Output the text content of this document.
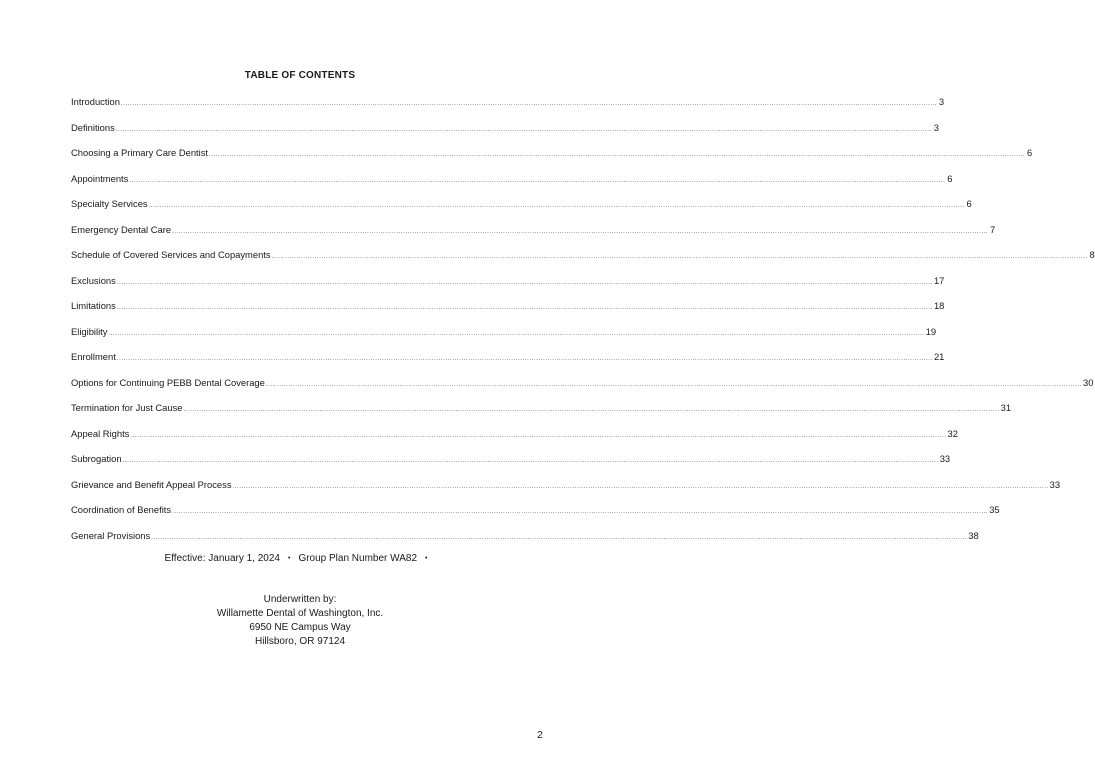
TABLE OF CONTENTS
Introduction ........................................................................................................................................................................................................................................................................................................................................................................ 3
Definitions ........................................................................................................................................................................................................................................................................................................................................................................ 3
Choosing a Primary Care Dentist ........................................................................................................................................................................................................................................................................................................................................................................ 6
Appointments ........................................................................................................................................................................................................................................................................................................................................................................ 6
Specialty Services ........................................................................................................................................................................................................................................................................................................................................................................ 6
Emergency Dental Care ........................................................................................................................................................................................................................................................................................................................................................................ 7
Schedule of Covered Services and Copayments ........................................................................................................................................................................................................................................................................................................................................................................ 8
Exclusions ........................................................................................................................................................................................................................................................................................................................................................................ 17
Limitations ........................................................................................................................................................................................................................................................................................................................................................................ 18
Eligibility ........................................................................................................................................................................................................................................................................................................................................................................ 19
Enrollment ........................................................................................................................................................................................................................................................................................................................................................................ 21
Options for Continuing PEBB Dental Coverage ........................................................................................................................................................................................................................................................................................................................................................................ 30
Termination for Just Cause ........................................................................................................................................................................................................................................................................................................................................................................ 31
Appeal Rights ........................................................................................................................................................................................................................................................................................................................................................................ 32
Subrogation ........................................................................................................................................................................................................................................................................................................................................................................ 33
Grievance and Benefit Appeal Process ........................................................................................................................................................................................................................................................................................................................................................................ 33
Coordination of Benefits ........................................................................................................................................................................................................................................................................................................................................................................ 35
General Provisions ........................................................................................................................................................................................................................................................................................................................................................................ 38
Effective: January 1, 2024 • Group Plan Number WA82 •
Underwritten by:
Willamette Dental of Washington, Inc.
6950 NE Campus Way
Hillsboro, OR 97124
2
